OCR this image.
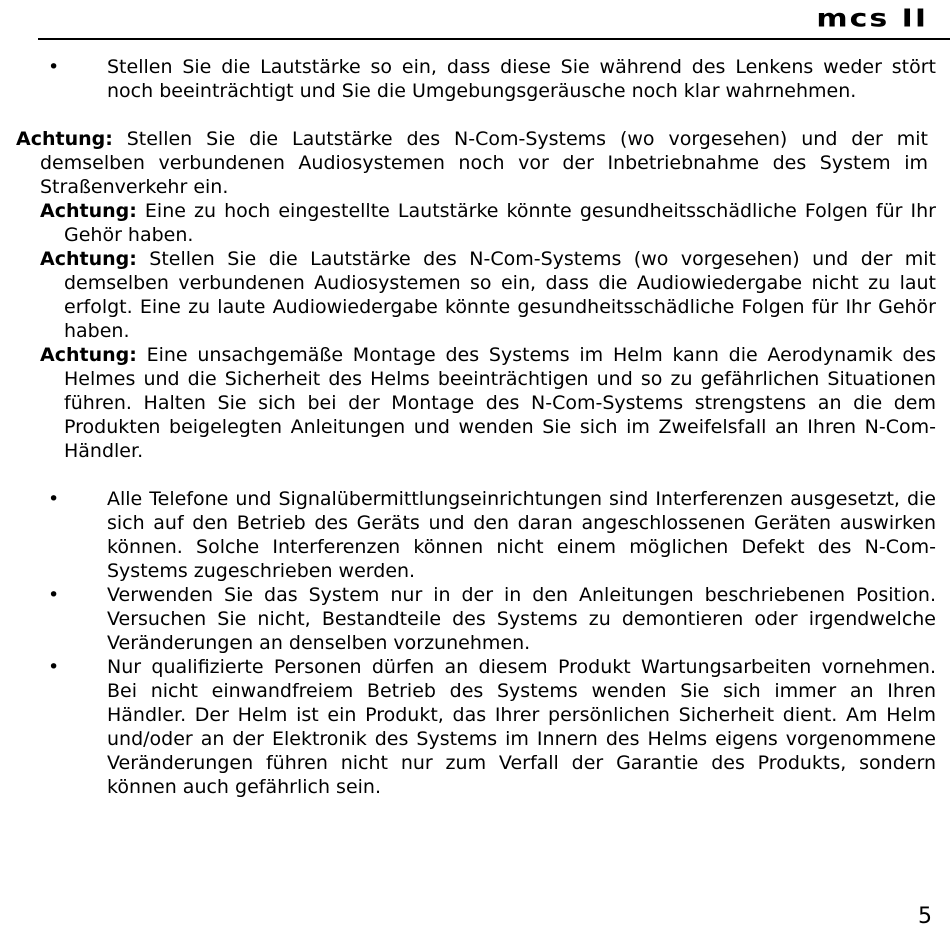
mcs II
•	Stellen Sie die Lautstärke so ein, dass diese Sie während des Lenkens weder stört noch beeinträchtigt und Sie die Umgebungsgeräusche noch klar wahrnehmen.
Achtung: Stellen Sie die Lautstärke des N-Com-Systems (wo vorgesehen) und der mit demselben verbundenen Audiosystemen noch vor der Inbetriebnahme des System im Straßenverkehr ein.
Achtung: Eine zu hoch eingestellte Lautstärke könnte gesundheitsschädliche Folgen für Ihr Gehör haben.
Achtung: Stellen Sie die Lautstärke des N-Com-Systems (wo vorgesehen) und der mit demselben verbundenen Audiosystemen so ein, dass die Audiowiedergabe nicht zu laut erfolgt. Eine zu laute Audiowiedergabe könnte gesundheitsschädliche Folgen für Ihr Gehör haben.
Achtung: Eine unsachgemäße Montage des Systems im Helm kann die Aerodynamik des Helmes und die Sicherheit des Helms beeinträchtigen und so zu gefährlichen Situationen führen. Halten Sie sich bei der Montage des N-Com-Systems strengstens an die dem Produkten beigelegten Anleitungen und wenden Sie sich im Zweifelsfall an Ihren N-Com-Händler.
•	Alle Telefone und Signalübermittlungseinrichtungen sind Interferenzen ausgesetzt, die sich auf den Betrieb des Geräts und den daran angeschlossenen Geräten auswirken können. Solche Interferenzen können nicht einem möglichen Defekt des N-Com-Systems zugeschrieben werden.
•	Verwenden Sie das System nur in der in den Anleitungen beschriebenen Position. Versuchen Sie nicht, Bestandteile des Systems zu demontieren oder irgendwelche Veränderungen an denselben vorzunehmen.
•	Nur qualifizierte Personen dürfen an diesem Produkt Wartungsarbeiten vornehmen. Bei nicht einwandfreiem Betrieb des Systems wenden Sie sich immer an Ihren Händler. Der Helm ist ein Produkt, das Ihrer persönlichen Sicherheit dient. Am Helm und/oder an der Elektronik des Systems im Innern des Helms eigens vorgenommene Veränderungen führen nicht nur zum Verfall der Garantie des Produkts, sondern können auch gefährlich sein.
5
